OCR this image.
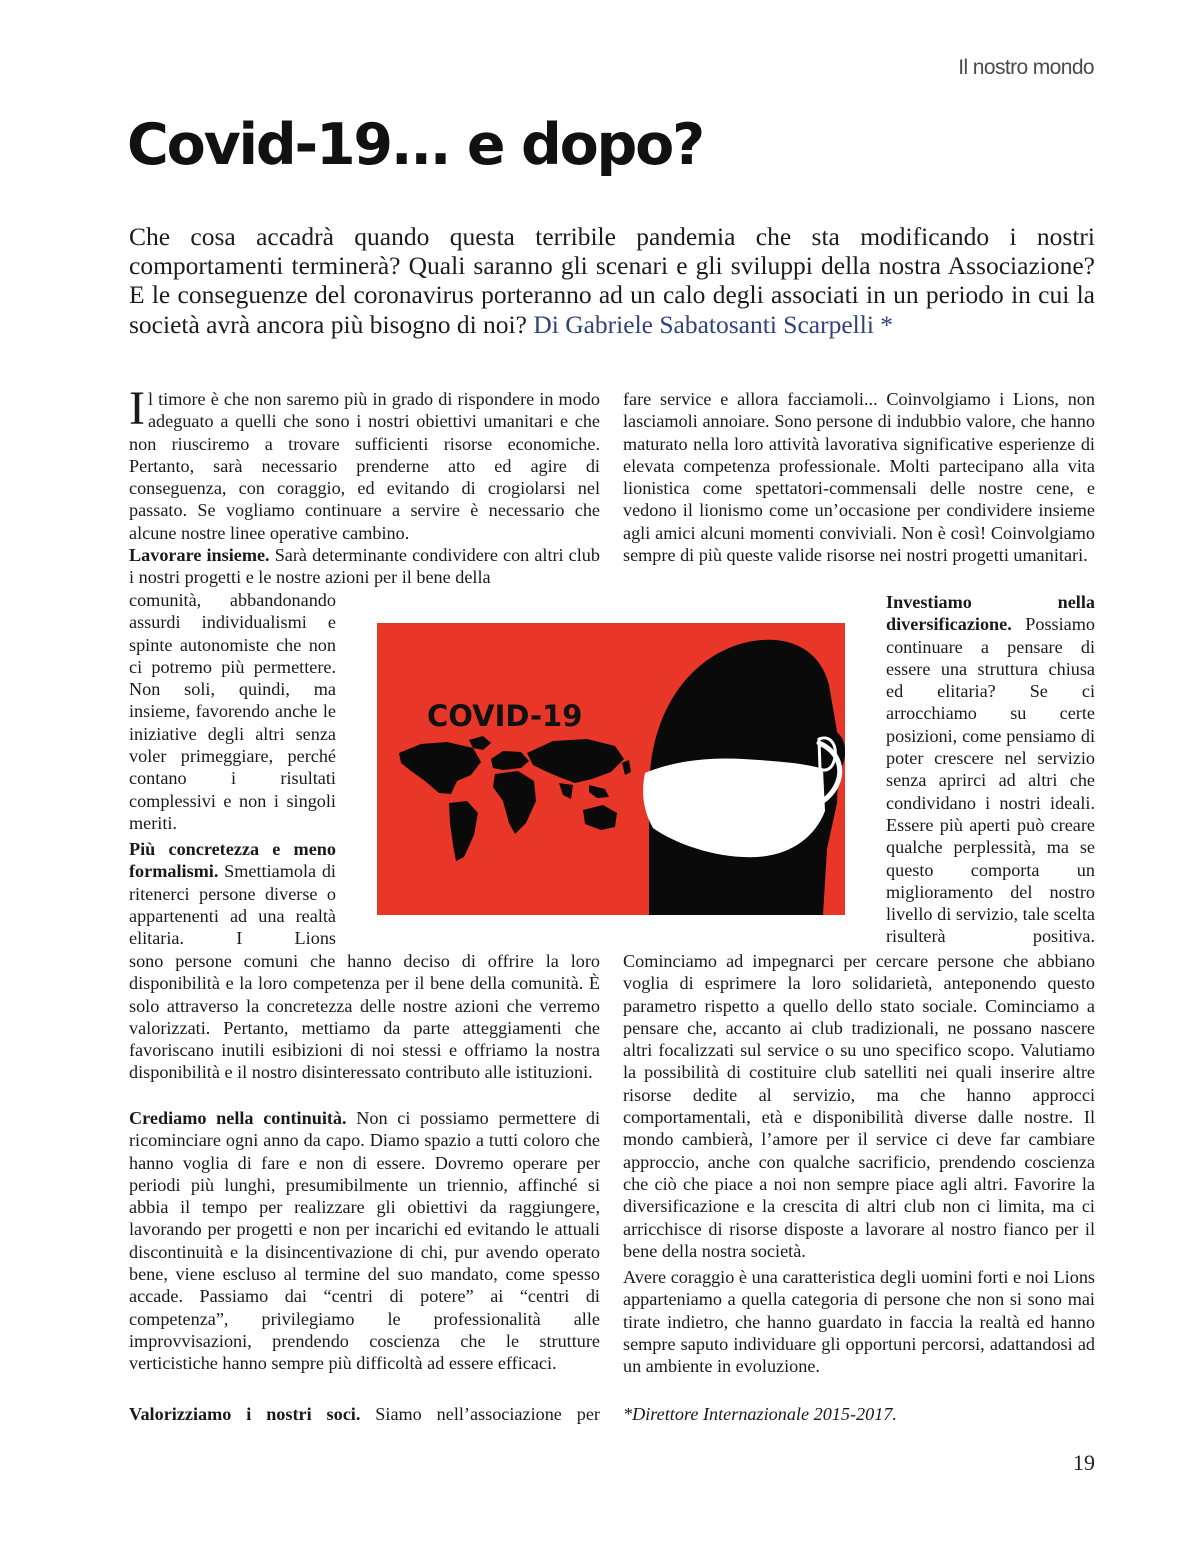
Il nostro mondo
Covid-19... e dopo?

Che cosa accadrà quando questa terribile pandemia che sta modificando i nostri comportamenti terminerà? Quali saranno gli scenari e gli sviluppi della nostra Associazione? E le conseguenze del coronavirus porteranno ad un calo degli associati in un periodo in cui la società avrà ancora più bisogno di noi? Di Gabriele Sabatosanti Scarpelli *

Il timore è che non saremo più in grado di rispondere in modo adeguato a quelli che sono i nostri obiettivi umanitari e che non riusciremo a trovare sufficienti risorse economiche. Pertanto, sarà necessario prenderne atto ed agire di conseguenza, con coraggio, ed evitando di crogiolarsi nel passato. Se vogliamo continuare a servire è necessario che alcune nostre linee operative cambino.

Lavorare insieme. Sarà determinante condividere con altri club i nostri progetti e le nostre azioni per il bene della

comunità, abbandonando assurdi individualismi e spinte autonomiste che non ci potremo più permettere. Non soli, quindi, ma insieme, favorendo anche le iniziative degli altri senza voler primeggiare, perché contano i risultati complessivi e non i singoli meriti.

Più concretezza e meno formalismi. Smettiamola di ritenerci persone diverse o appartenenti ad una realtà elitaria. I Lions

sono persone comuni che hanno deciso di offrire la loro disponibilità e la loro competenza per il bene della comunità. È solo attraverso la concretezza delle nostre azioni che verremo valorizzati. Pertanto, mettiamo da parte atteggiamenti che favoriscano inutili esibizioni di noi stessi e offriamo la nostra disponibilità e il nostro disinteressato contributo alle istituzioni.

Crediamo nella continuità. Non ci possiamo permettere di ricominciare ogni anno da capo. Diamo spazio a tutti coloro che hanno voglia di fare e non di essere. Dovremo operare per periodi più lunghi, presumibilmente un triennio, affinché si abbia il tempo per realizzare gli obiettivi da raggiungere, lavorando per progetti e non per incarichi ed evitando le attuali discontinuità e la disincentivazione di chi, pur avendo operato bene, viene escluso al termine del suo mandato, come spesso accade. Passiamo dai “centri di potere” ai “centri di competenza”, privilegiamo le professionalità alle improvvisazioni, prendendo coscienza che le strutture verticistiche hanno sempre più difficoltà ad essere efficaci.

Valorizziamo i nostri soci. Siamo nell’associazione per

fare service e allora facciamoli... Coinvolgiamo i Lions, non lasciamoli annoiare. Sono persone di indubbio valore, che hanno maturato nella loro attività lavorativa significative esperienze di elevata competenza professionale. Molti partecipano alla vita lionistica come spettatori-commensali delle nostre cene, e vedono il lionismo come un’occasione per condividere insieme agli amici alcuni momenti conviviali. Non è così! Coinvolgiamo sempre di più queste valide risorse nei nostri progetti umanitari.

Investiamo nella diversificazione. Possiamo continuare a pensare di essere una struttura chiusa ed elitaria? Se ci arrocchiamo su certe posizioni, come pensiamo di poter crescere nel servizio senza aprirci ad altri che condividano i nostri ideali. Essere più aperti può creare qualche perplessità, ma se questo comporta un miglioramento del nostro livello di servizio, tale scelta risulterà positiva.

Cominciamo ad impegnarci per cercare persone che abbiano voglia di esprimere la loro solidarietà, anteponendo questo parametro rispetto a quello dello stato sociale. Cominciamo a pensare che, accanto ai club tradizionali, ne possano nascere altri focalizzati sul service o su uno specifico scopo. Valutiamo la possibilità di costituire club satelliti nei quali inserire altre risorse dedite al servizio, ma che hanno approcci comportamentali, età e disponibilità diverse dalle nostre. Il mondo cambierà, l’amore per il service ci deve far cambiare approccio, anche con qualche sacrificio, prendendo coscienza che ciò che piace a noi non sempre piace agli altri. Favorire la diversificazione e la crescita di altri club non ci limita, ma ci arricchisce di risorse disposte a lavorare al nostro fianco per il bene della nostra società.

Avere coraggio è una caratteristica degli uomini forti e noi Lions apparteniamo a quella categoria di persone che non si sono mai tirate indietro, che hanno guardato in faccia la realtà ed hanno sempre saputo individuare gli opportuni percorsi, adattandosi ad un ambiente in evoluzione.

*Direttore Internazionale 2015-2017.

COVID-19
19
